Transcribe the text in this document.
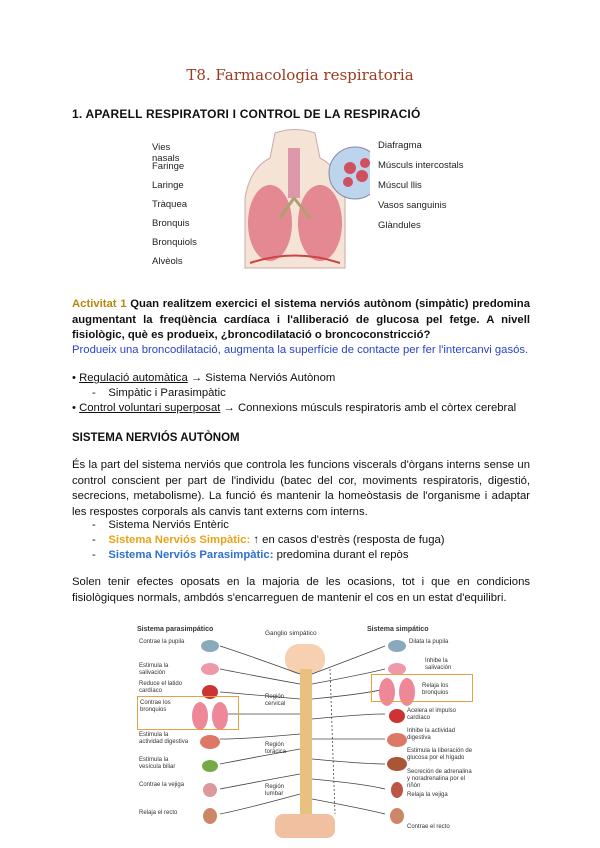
T8. Farmacologia respiratoria
1. APARELL RESPIRATORI I CONTROL DE LA RESPIRACIÓ
Vies nasals
Faringe
Laringe
Tràquea
Bronquis
Bronquiols
Alvèols
Diafragma
Músculs intercostals
Múscul llis
Vasos sanguinis
Glàndules
Activitat 1 Quan realitzem exercici el sistema nerviós autònom (simpàtic) predomina augmentant la freqüència cardíaca i l'alliberació de glucosa pel fetge. A nivell fisiològic, què es produeix, ¿broncodilatació o broncoconstricció?
Produeix una broncodilatació, augmenta la superfície de contacte per fer l'intercanvi gasós.
• Regulació automàtica → Sistema Nerviós Autònom
-    Simpàtic i Parasimpàtic
• Control voluntari superposat → Connexions músculs respiratoris amb el còrtex cerebral
SISTEMA NERVIÓS AUTÒNOM
És la part del sistema nerviós que controla les funcions viscerals d'òrgans interns sense un control conscient per part de l'individu (batec del cor, moviments respiratoris, digestió, secrecions, metabolisme). La funció és mantenir la homeòstasis de l'organisme i adaptar les respostes corporals als canvis tant externs com interns.
-    Sistema Nerviós Entèric
-    Sistema Nerviós Simpàtic: ↑ en casos d'estrès (resposta de fuga)
-    Sistema Nerviós Parasimpàtic: predomina durant el repòs
Solen tenir efectes oposats en la majoria de les ocasions, tot i que en condicions fisiològiques normals, ambdós s'encarreguen de mantenir el cos en un estat d'equilibri.
Sistema parasimpático	Sistema simpático
Ganglio simpático
Contrae la pupila
Estimula la salivación
Reduce el latido cardíaco
Contrae los bronquios
Estimula la actividad digestiva
Estimula la vesícula biliar
Contrae la vejiga
Relaja el recto
Dilata la pupila
Inhibe la salivación
Relaja los bronquios
Acelera el impulso cardíaco
Inhibe la actividad digestiva
Estimula la liberación de glucosa por el hígado
Secreción de adrenalina y noradrenalina por el riñón
Relaja la vejiga
Contrae el recto
Región cervical
Región torácica
Región lumbar
